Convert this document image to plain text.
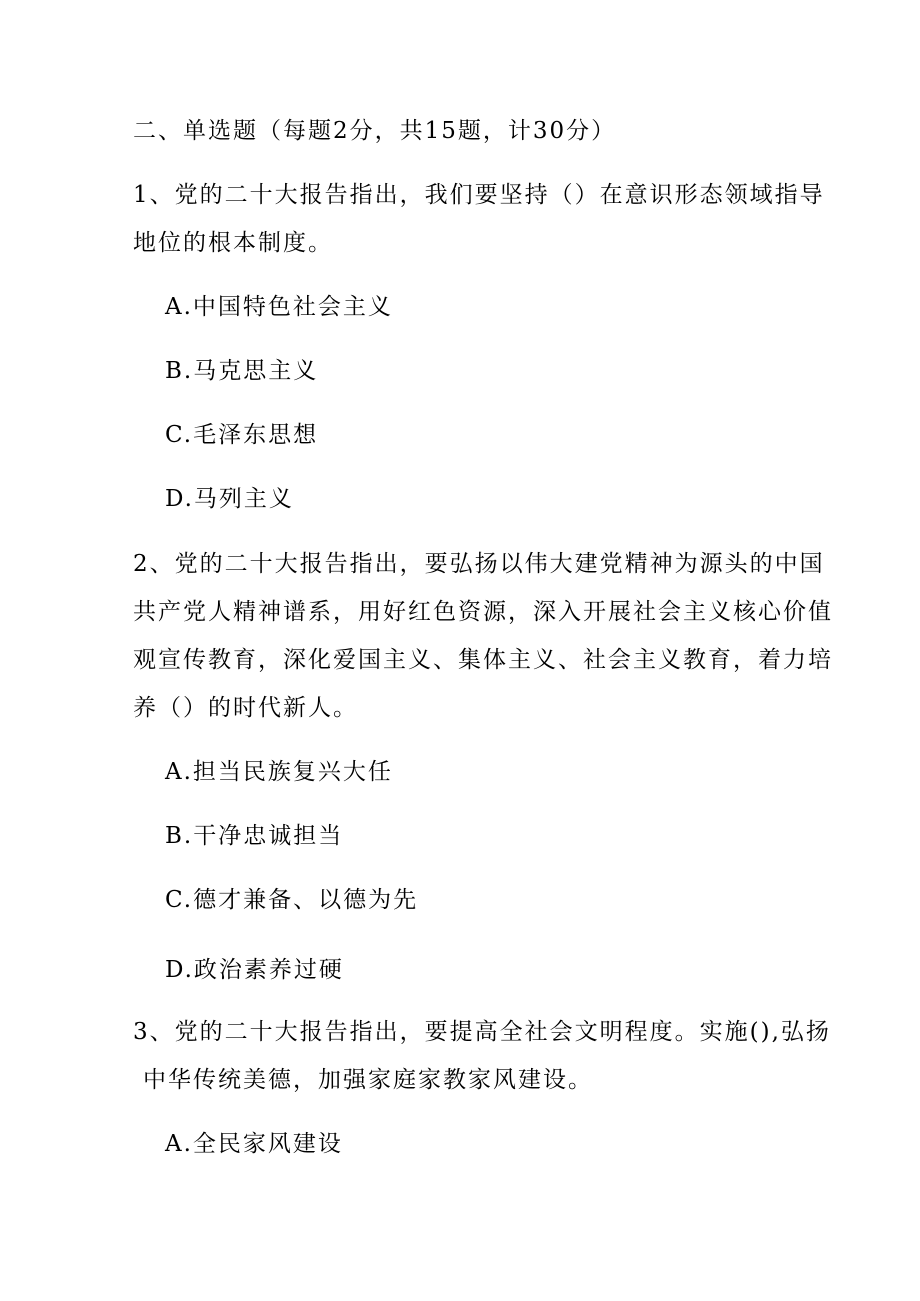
二、单选题（每题2分，共15题，计30分）
1、党的二十大报告指出，我们要坚持（）在意识形态领域指导
地位的根本制度。
A.中国特色社会主义
B.马克思主义
C.毛泽东思想
D.马列主义
2、党的二十大报告指出，要弘扬以伟大建党精神为源头的中国
共产党人精神谱系，用好红色资源，深入开展社会主义核心价值
观宣传教育，深化爱国主义、集体主义、社会主义教育，着力培
养（）的时代新人。
A.担当民族复兴大任
B.干净忠诚担当
C.德才兼备、以德为先
D.政治素养过硬
3、党的二十大报告指出，要提高全社会文明程度。实施(),弘扬
中华传统美德，加强家庭家教家风建设。
A.全民家风建设
